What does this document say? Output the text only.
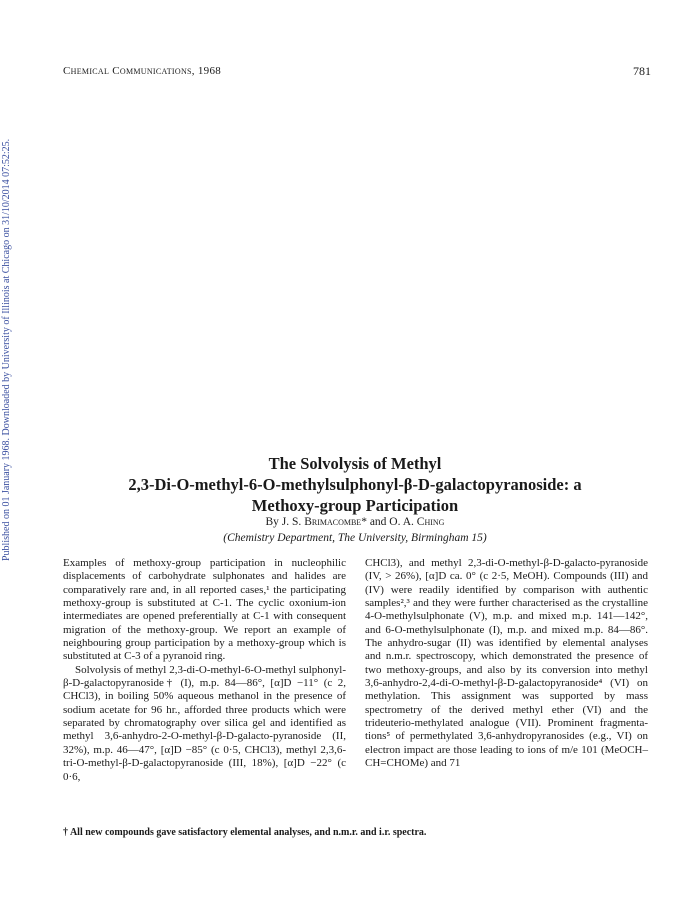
Published on 01 January 1968. Downloaded by University of Illinois at Chicago on 31/10/2014 07:52:25.
Chemical Communications, 1968	781
The Solvolysis of Methyl
2,3-Di-O-methyl-6-O-methylsulphonyl-β-D-galactopyranoside: a
Methoxy-group Participation
By J. S. Brimacombe* and O. A. Ching
(Chemistry Department, The University, Birmingham 15)

Examples of methoxy-group participation in nucleophilic displacements of carbohydrate sulphonates and halides are comparatively rare and, in all reported cases,¹ the participating methoxy-group is substituted at C-1. The cyclic oxonium-ion intermediates are opened preferentially at C-1 with consequent migration of the methoxy-group. We report an example of neighbouring group participation by a methoxy-group which is substituted at C-3 of a pyranoid ring.

Solvolysis of methyl 2,3-di-O-methyl-6-O-methyl sulphonyl-β-D-galactopyranoside† (I), m.p. 84—86°, [α]D −11° (c 2, CHCl3), in boiling 50% aqueous methanol in the presence of sodium acetate for 96 hr., afforded three products which were separated by chromatography over silica gel and identified as methyl 3,6-anhydro-2-O-methyl-β-D-galacto-pyranoside (II, 32%), m.p. 46—47°, [α]D −85° (c 0·5, CHCl3), methyl 2,3,6-tri-O-methyl-β-D-galactopyranoside (III, 18%), [α]D −22° (c 0·6,

CHCl3), and methyl 2,3-di-O-methyl-β-D-galacto-pyranoside (IV, > 26%), [α]D ca. 0° (c 2·5, MeOH). Compounds (III) and (IV) were readily identified by comparison with authentic samples²,³ and they were further characterised as the crystalline 4-O-methylsulphonate (V), m.p. and mixed m.p. 141—142°, and 6-O-methylsulphonate (I), m.p. and mixed m.p. 84—86°. The anhydro-sugar (II) was identified by elemental analyses and n.m.r. spectroscopy, which demonstrated the presence of two methoxy-groups, and also by its conversion into methyl 3,6-anhydro-2,4-di-O-methyl-β-D-galactopyranoside⁴ (VI) on methylation. This assignment was supported by mass spectrometry of the derived methyl ether (VI) and the trideuterio-methylated analogue (VII). Prominent fragmenta-tions⁵ of permethylated 3,6-anhydropyranosides (e.g., VI) on electron impact are those leading to ions of m/e 101 (MeOCH–CH=CHOMe) and 71

† All new compounds gave satisfactory elemental analyses, and n.m.r. and i.r. spectra.
